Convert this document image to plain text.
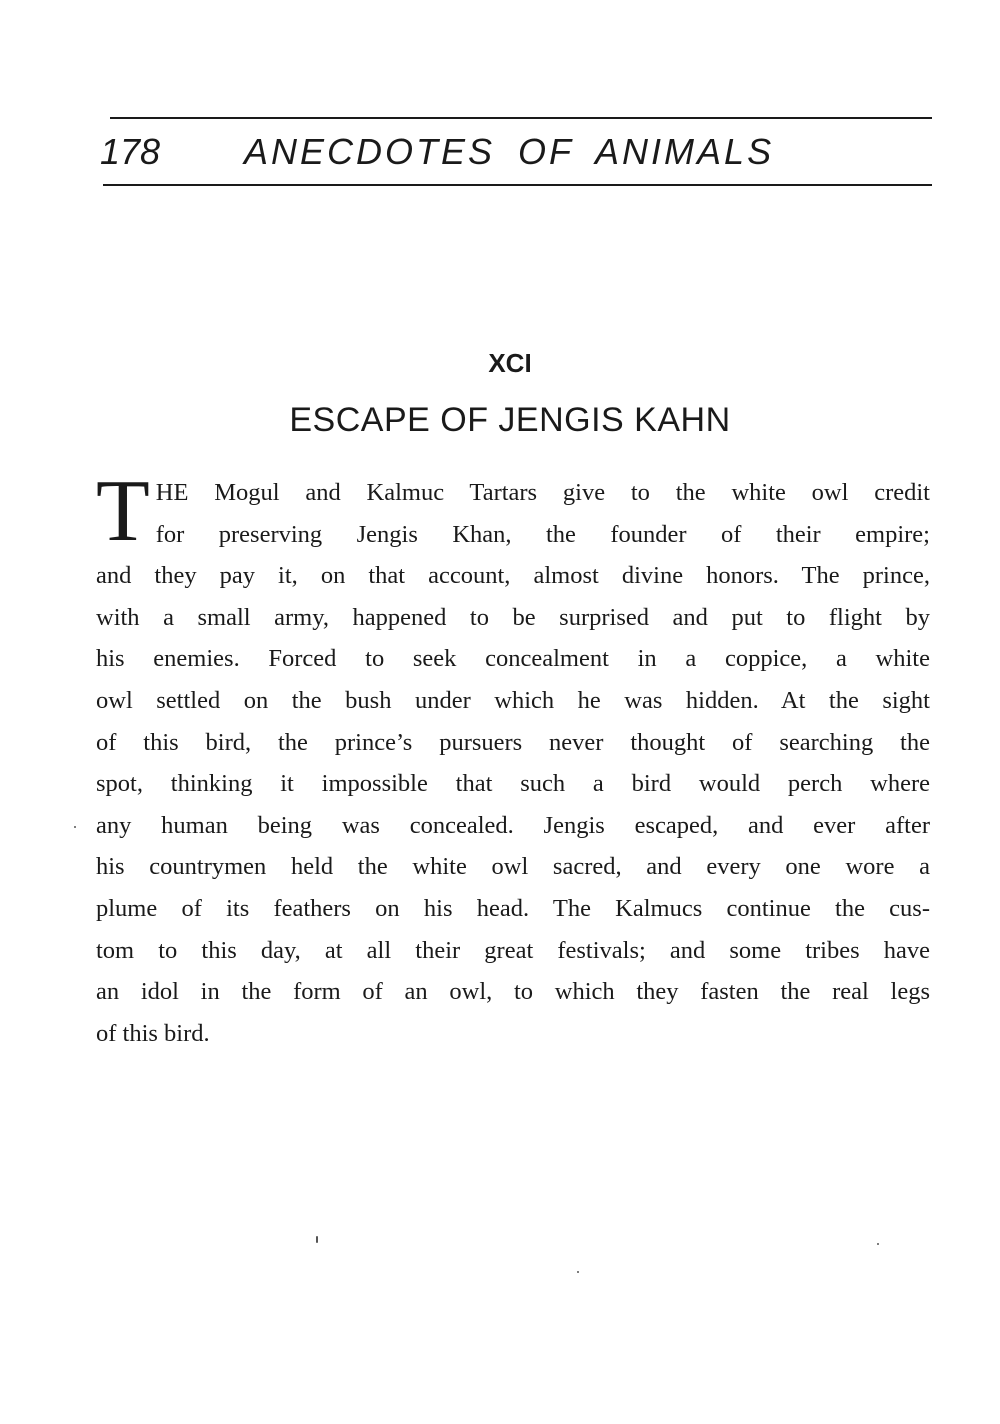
178 ANECDOTES OF ANIMALS
XCI
ESCAPE OF JENGIS KAHN
T HE Mogul and Kalmuc Tartars give to the white owl credit
for preserving Jengis Khan, the founder of their empire;
and they pay it, on that account, almost divine honors. The prince,
with a small army, happened to be surprised and put to flight by
his enemies. Forced to seek concealment in a coppice, a white
owl settled on the bush under which he was hidden. At the sight
of this bird, the prince’s pursuers never thought of searching the
spot, thinking it impossible that such a bird would perch where
any human being was concealed. Jengis escaped, and ever after
his countrymen held the white owl sacred, and every one wore a
plume of its feathers on his head. The Kalmucs continue the cus-
tom to this day, at all their great festivals; and some tribes have
an idol in the form of an owl, to which they fasten the real legs
of this bird.
